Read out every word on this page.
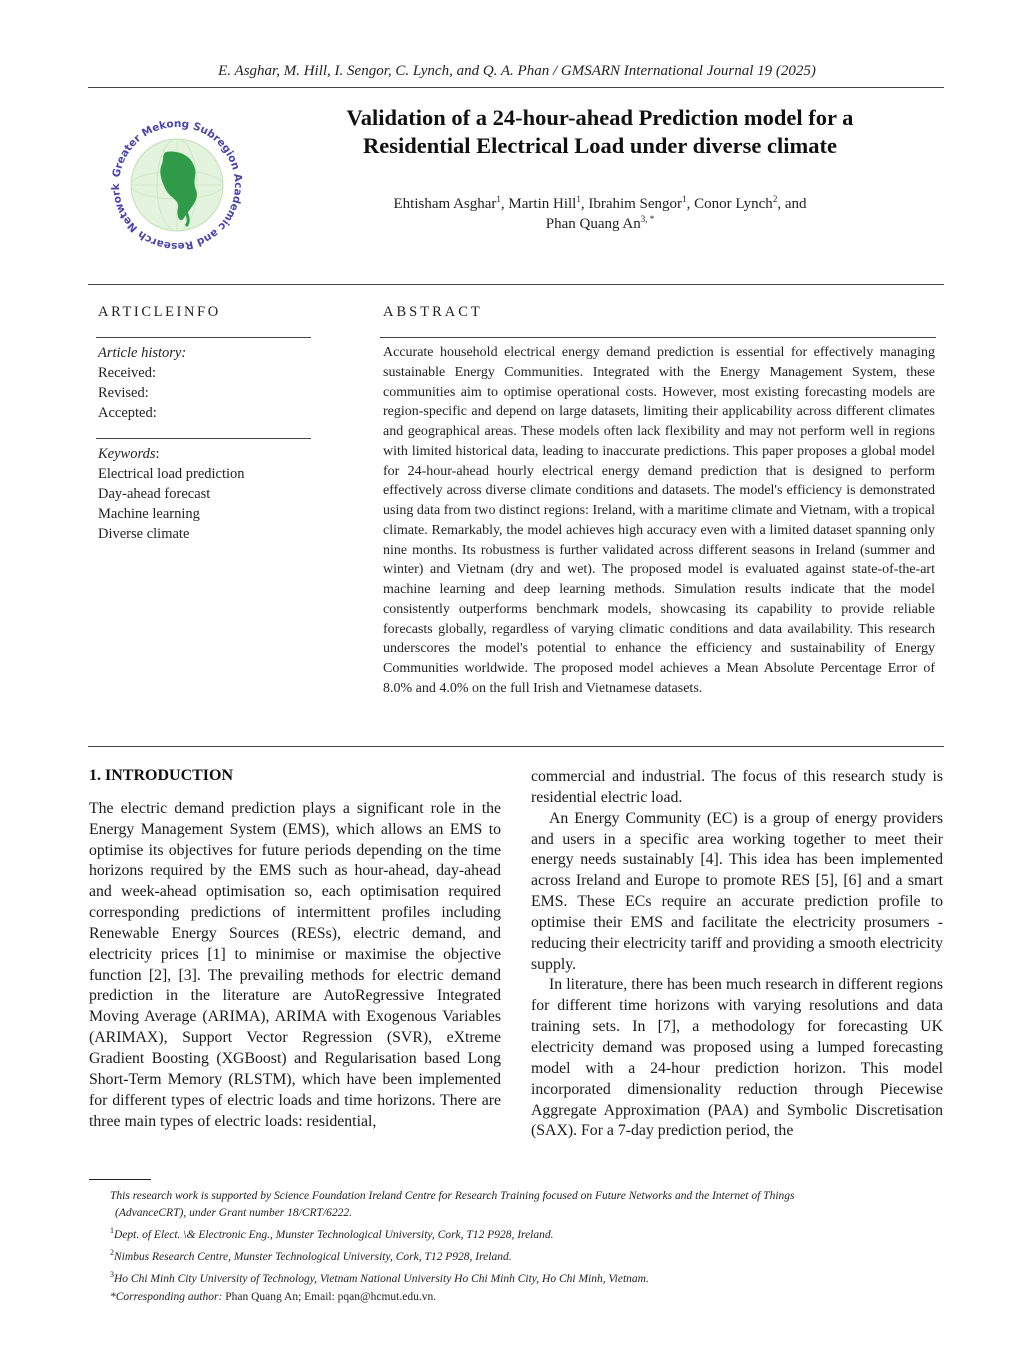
E. Asghar, M. Hill, I. Sengor, C. Lynch, and Q. A. Phan / GMSARN International Journal 19 (2025)
Greater Mekong Subregion Academic and Research Network
Validation of a 24-hour-ahead Prediction model for a
Residential Electrical Load under diverse climate
Ehtisham Asghar$^1$, Martin Hill$^1$, Ibrahim Sengor$^1$, Conor Lynch$^2$, and
Phan Quang $An^{3, *}$
ARTICLEINFO
Article history:
Received:
Revised:
Accepted:
Keywords:
Electrical load prediction
Day-ahead forecast
Machine learning
Diverse climate
ABSTRACT
Accurate household electrical energy demand prediction is essential for effectively managing sustainable Energy Communities. Integrated with the Energy Management System, these communities aim to optimise operational costs. However, most existing forecasting models are region-specific and depend on large datasets, limiting their applicability across different climates and geographical areas. These models often lack flexibility and may not perform well in regions with limited historical data, leading to inaccurate predictions. This paper proposes a global model for 24-hour-ahead hourly electrical energy demand prediction that is designed to perform effectively across diverse climate conditions and datasets. The model's efficiency is demonstrated using data from two distinct regions: Ireland, with a maritime climate and Vietnam, with a tropical climate. Remarkably, the model achieves high accuracy even with a limited dataset spanning only nine months. Its robustness is further validated across different seasons in Ireland (summer and winter) and Vietnam (dry and wet). The proposed model is evaluated against state-of-the-art machine learning and deep learning methods. Simulation results indicate that the model consistently outperforms benchmark models, showcasing its capability to provide reliable forecasts globally, regardless of varying climatic conditions and data availability. This research underscores the model's potential to enhance the efficiency and sustainability of Energy Communities worldwide. The proposed model achieves a Mean Absolute Percentage Error of 8.0% and 4.0% on the full Irish and Vietnamese datasets.
1. INTRODUCTION

The electric demand prediction plays a significant role in the Energy Management System (EMS), which allows an EMS to optimise its objectives for future periods depending on the time horizons required by the EMS such as hour-ahead, day-ahead and week-ahead optimisation so, each optimisation required corresponding predictions of intermittent profiles including Renewable Energy Sources (RESs), electric demand, and electricity prices [1] to minimise or maximise the objective function [2], [3]. The prevailing methods for electric demand prediction in the literature are AutoRegressive Integrated Moving Average (ARIMA), ARIMA with Exogenous Variables (ARIMAX), Support Vector Regression (SVR), eXtreme Gradient Boosting (XGBoost) and Regularisation based Long Short-Term Memory (RLSTM), which have been implemented for different types of electric loads and time horizons. There are three main types of electric loads: residential,

commercial and industrial. The focus of this research study is residential electric load.

An Energy Community (EC) is a group of energy providers and users in a specific area working together to meet their energy needs sustainably [4]. This idea has been implemented across Ireland and Europe to promote RES [5], [6] and a smart EMS. These ECs require an accurate prediction profile to optimise their EMS and facilitate the electricity prosumers - reducing their electricity tariff and providing a smooth electricity supply.

In literature, there has been much research in different regions for different time horizons with varying resolutions and data training sets. In [7], a methodology for forecasting UK electricity demand was proposed using a lumped forecasting model with a 24-hour prediction horizon. This model incorporated dimensionality reduction through Piecewise Aggregate Approximation (PAA) and Symbolic Discretisation (SAX). For a 7-day prediction period, the

This research work is supported by Science Foundation Ireland Centre for Research Training focused on Future Networks and the Internet of Things
(AdvanceCRT), under Grant number 18/CRT/6222.
$^1$Dept. of Elect. \& Electronic Eng., Munster Technological University, Cork, T12 P928, Ireland.
$^2$Nimbus Research Centre, Munster Technological University, Cork, T12 P928, Ireland.
$^3$Ho Chi Minh City University of Technology, Vietnam National University Ho Chi Minh City, Ho Chi Minh, Vietnam.
*Corresponding author: Phan Quang An; Email: pqan@hcmut.edu.vn.
